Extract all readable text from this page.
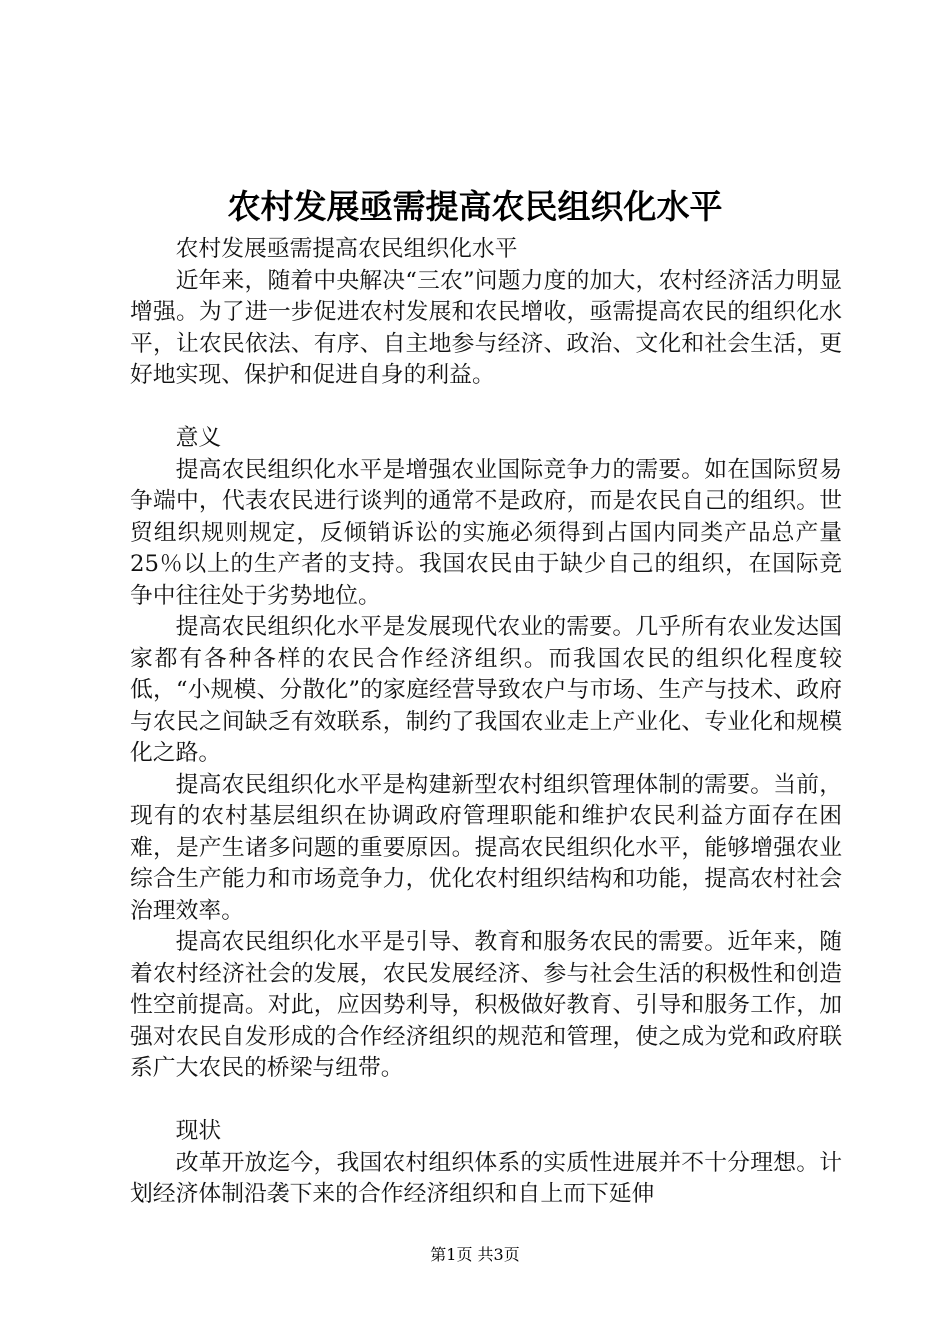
农村发展亟需提高农民组织化水平

农村发展亟需提高农民组织化水平

近年来，随着中央解决“三农”问题力度的加大，农村经济活力明显增强。为了进一步促进农村发展和农民增收，亟需提高农民的组织化水平，让农民依法、有序、自主地参与经济、政治、文化和社会生活，更好地实现、保护和促进自身的利益。

意义

提高农民组织化水平是增强农业国际竞争力的需要。如在国际贸易争端中，代表农民进行谈判的通常不是政府，而是农民自己的组织。世贸组织规则规定，反倾销诉讼的实施必须得到占国内同类产品总产量25％以上的生产者的支持。我国农民由于缺少自己的组织，在国际竞争中往往处于劣势地位。

提高农民组织化水平是发展现代农业的需要。几乎所有农业发达国家都有各种各样的农民合作经济组织。而我国农民的组织化程度较低，“小规模、分散化”的家庭经营导致农户与市场、生产与技术、政府与农民之间缺乏有效联系，制约了我国农业走上产业化、专业化和规模化之路。

提高农民组织化水平是构建新型农村组织管理体制的需要。当前，现有的农村基层组织在协调政府管理职能和维护农民利益方面存在困难，是产生诸多问题的重要原因。提高农民组织化水平，能够增强农业综合生产能力和市场竞争力，优化农村组织结构和功能，提高农村社会治理效率。

提高农民组织化水平是引导、教育和服务农民的需要。近年来，随着农村经济社会的发展，农民发展经济、参与社会生活的积极性和创造性空前提高。对此，应因势利导，积极做好教育、引导和服务工作，加强对农民自发形成的合作经济组织的规范和管理，使之成为党和政府联系广大农民的桥梁与纽带。

现状

改革开放迄今，我国农村组织体系的实质性进展并不十分理想。计划经济体制沿袭下来的合作经济组织和自上而下延伸

第1页 共3页
